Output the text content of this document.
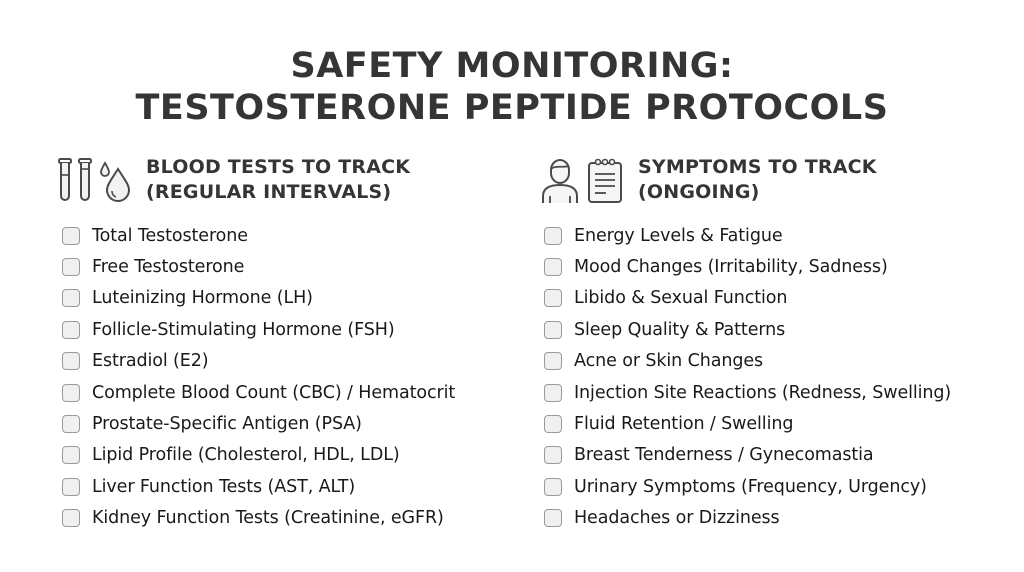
SAFETY MONITORING:
TESTOSTERONE PEPTIDE PROTOCOLS
BLOOD TESTS TO TRACK
(REGULAR INTERVALS)
Total Testosterone
Free Testosterone
Luteinizing Hormone (LH)
Follicle-Stimulating Hormone (FSH)
Estradiol (E2)
Complete Blood Count (CBC) / Hematocrit
Prostate-Specific Antigen (PSA)
Lipid Profile (Cholesterol, HDL, LDL)
Liver Function Tests (AST, ALT)
Kidney Function Tests (Creatinine, eGFR)
SYMPTOMS TO TRACK
(ONGOING)
Energy Levels & Fatigue
Mood Changes (Irritability, Sadness)
Libido & Sexual Function
Sleep Quality & Patterns
Acne or Skin Changes
Injection Site Reactions (Redness, Swelling)
Fluid Retention / Swelling
Breast Tenderness / Gynecomastia
Urinary Symptoms (Frequency, Urgency)
Headaches or Dizziness
